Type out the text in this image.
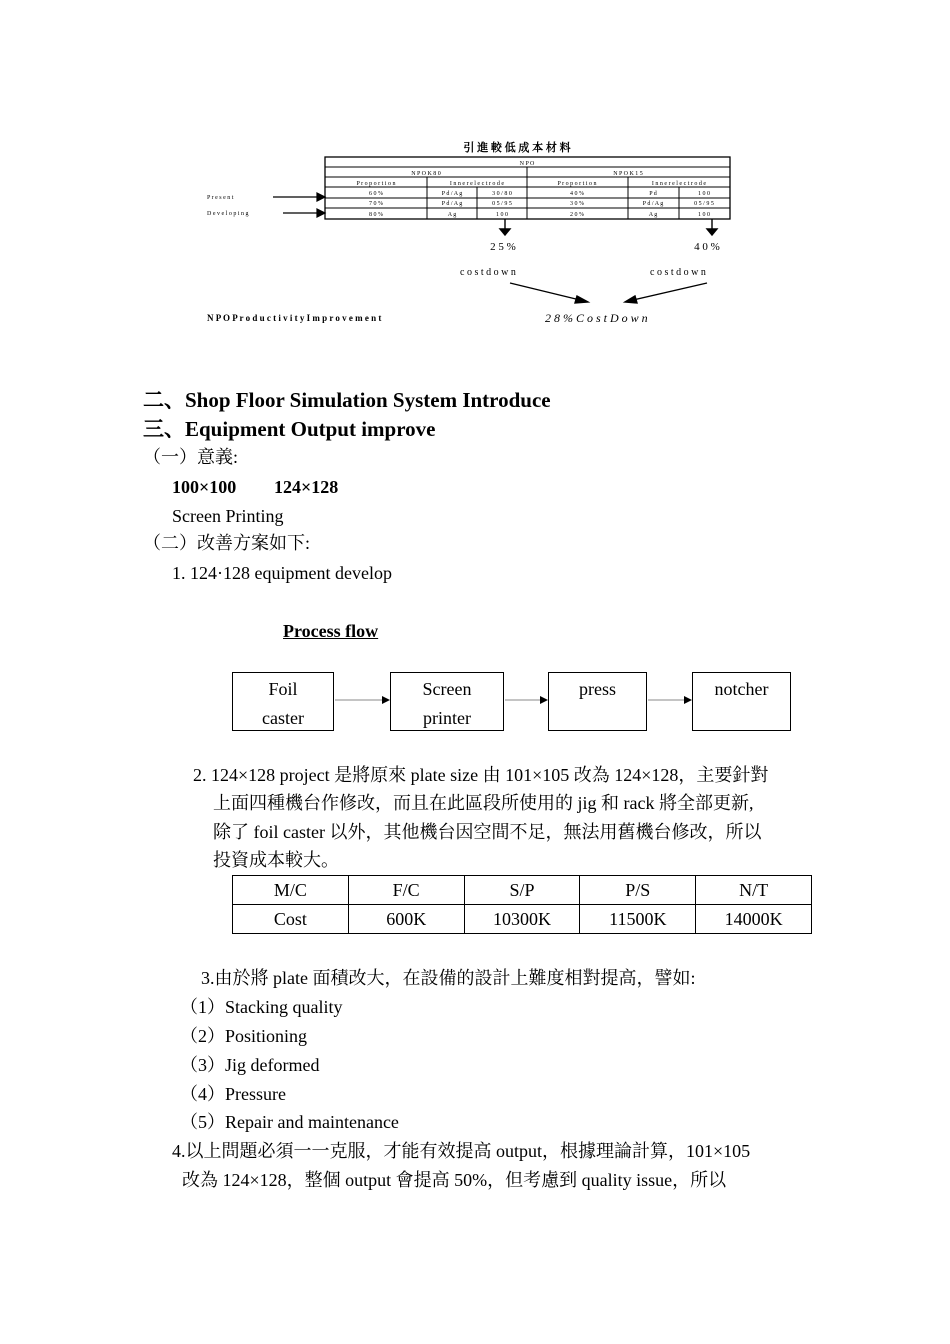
引 進 較 低 成 本 材 料
N P O
N P O K 8 0	N P O K 1 5
P r o p o r t i o n	I n n e r e l e c t r o d e	P r o p o r t i o n	I n n e r e l e c t r o d e
6 0 %	P d / A g	3 0 / 8 0	4 0 %	P d	1 0 0
7 0 %	P d / A g	0 5 / 9 5	3 0 %	P d / A g	0 5 / 9 5
8 0 %	A g	1 0 0	2 0 %	A g	1 0 0
P r e s e n t
D e v e l o p i n g
2 5 %	4 0 %
c o s t d o w n	c o s t d o w n
N P O P r o d u c t i v i t y I m p r o v e m e n t	2 8 % C o s t D o w n
二、Shop Floor Simulation System Introduce
三、Equipment Output improve
（一）意義:
100×100 124×128
Screen Printing
（二）改善方案如下:
1. 124·128 equipment develop
Process flow
Foil
caster
Screen
printer
press	notcher
2. 124×128 project 是將原來 plate size 由 101×105 改為 124×128，主要針對
上面四種機台作修改，而且在此區段所使用的 jig 和 rack 將全部更新,
除了 foil caster 以外，其他機台因空間不足，無法用舊機台修改，所以
投資成本較大。
M/C	F/C	S/P	P/S	N/T
Cost	600K	10300K	11500K	14000K
3.由於將 plate 面積改大，在設備的設計上難度相對提高，譬如:
（1）Stacking quality
（2）Positioning
（3）Jig deformed
（4）Pressure
（5）Repair and maintenance
4.以上問題必須一一克服，才能有效提高 output，根據理論計算，101×105
改為 124×128，整個 output 會提高 50%，但考慮到 quality issue，所以
